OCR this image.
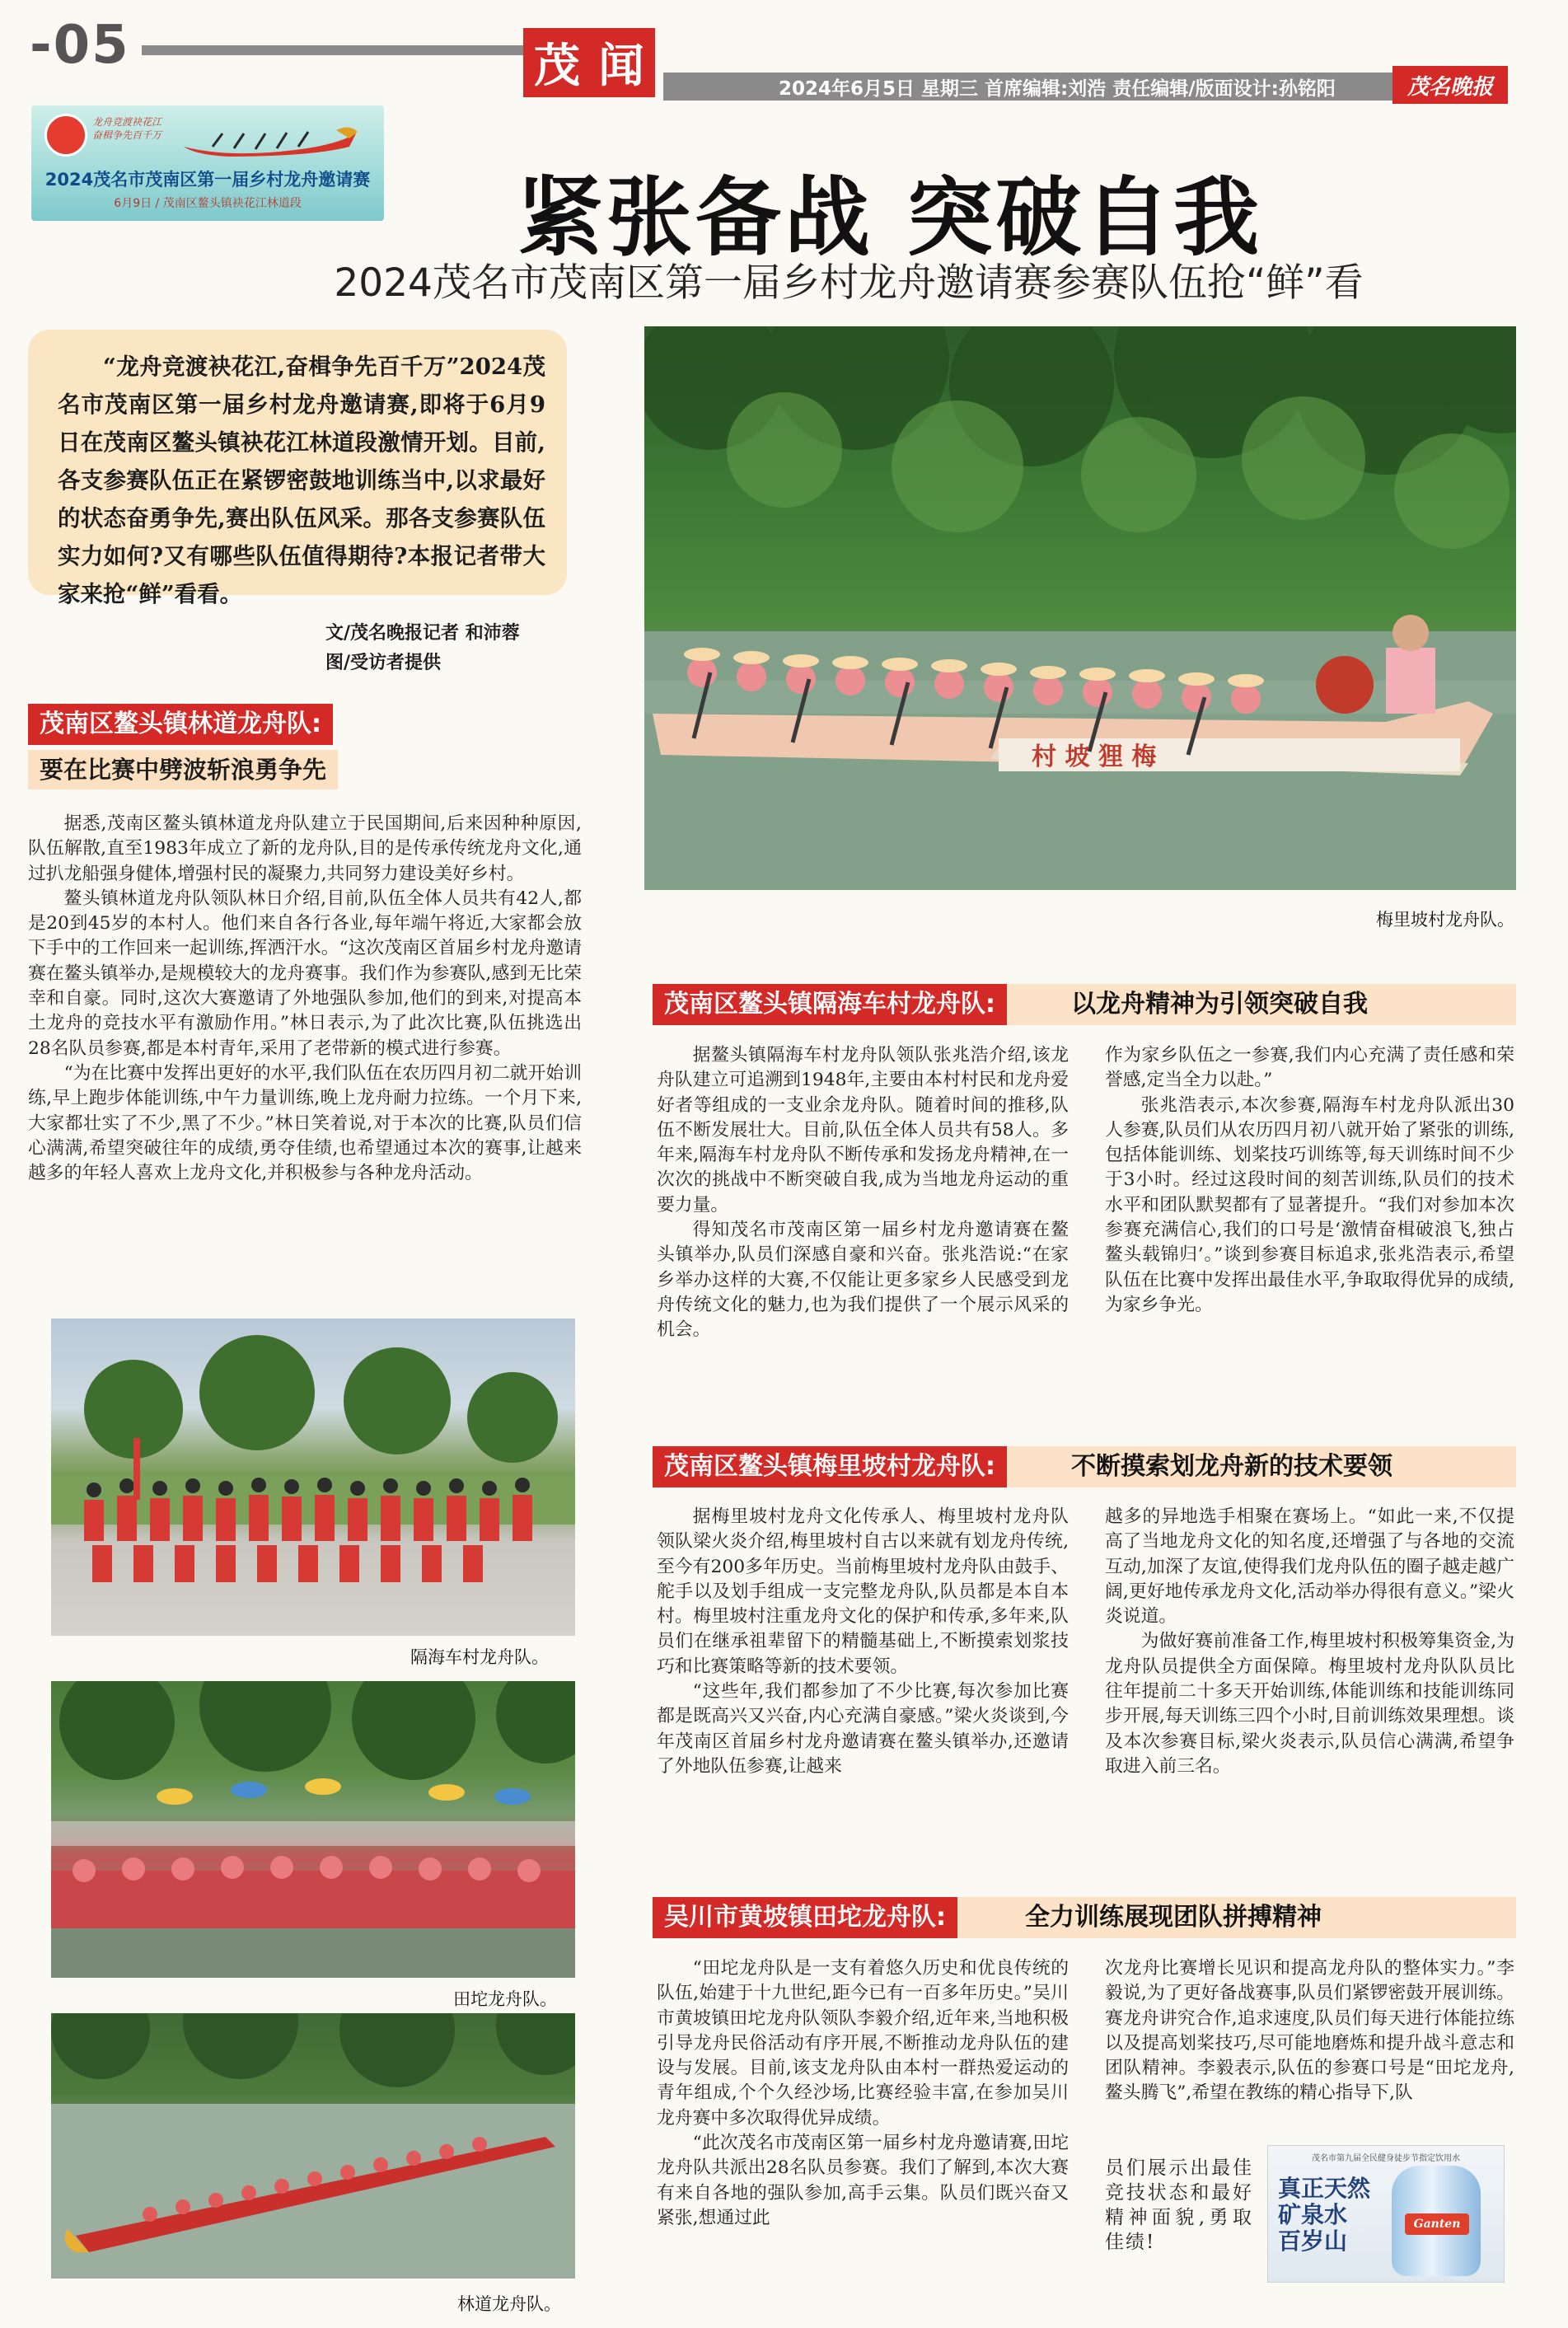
-05	茂 闻	2024年6月5日 星期三 首席编辑:刘浩 责任编辑/版面设计:孙铭阳	茂名晚报
龙舟竞渡袂花江
奋楫争先百千万
2024茂名市茂南区第一届乡村龙舟邀请赛
6月9日 / 茂南区鳌头镇袂花江林道段	紧张备战 突破自我
2024茂名市茂南区第一届乡村龙舟邀请赛参赛队伍抢“鲜”看

“龙舟竞渡袂花江,奋楫争先百千万”2024茂名市茂南区第一届乡村龙舟邀请赛,即将于6月9日在茂南区鳌头镇袂花江林道段激情开划。目前,各支参赛队伍正在紧锣密鼓地训练当中,以求最好的状态奋勇争先,赛出队伍风采。那各支参赛队伍实力如何?又有哪些队伍值得期待?本报记者带大家来抢“鲜”看看。

文/茂名晚报记者 和沛蓉
图/受访者提供
村 坡 狸 梅
梅里坡村龙舟队。
茂南区鳌头镇林道龙舟队:
要在比赛中劈波斩浪勇争先

据悉,茂南区鳌头镇林道龙舟队建立于民国期间,后来因种种原因,队伍解散,直至1983年成立了新的龙舟队,目的是传承传统龙舟文化,通过扒龙船强身健体,增强村民的凝聚力,共同努力建设美好乡村。

鳌头镇林道龙舟队领队林日介绍,目前,队伍全体人员共有42人,都是20到45岁的本村人。他们来自各行各业,每年端午将近,大家都会放下手中的工作回来一起训练,挥洒汗水。“这次茂南区首届乡村龙舟邀请赛在鳌头镇举办,是规模较大的龙舟赛事。我们作为参赛队,感到无比荣幸和自豪。同时,这次大赛邀请了外地强队参加,他们的到来,对提高本土龙舟的竞技水平有激励作用。”林日表示,为了此次比赛,队伍挑选出28名队员参赛,都是本村青年,采用了老带新的模式进行参赛。

“为在比赛中发挥出更好的水平,我们队伍在农历四月初二就开始训练,早上跑步体能训练,中午力量训练,晚上龙舟耐力拉练。一个月下来,大家都壮实了不少,黑了不少。”林日笑着说,对于本次的比赛,队员们信心满满,希望突破往年的成绩,勇夺佳绩,也希望通过本次的赛事,让越来越多的年轻人喜欢上龙舟文化,并积极参与各种龙舟活动。

茂南区鳌头镇隔海车村龙舟队:	以龙舟精神为引领突破自我

据鳌头镇隔海车村龙舟队领队张兆浩介绍,该龙舟队建立可追溯到1948年,主要由本村村民和龙舟爱好者等组成的一支业余龙舟队。随着时间的推移,队伍不断发展壮大。目前,队伍全体人员共有58人。多年来,隔海车村龙舟队不断传承和发扬龙舟精神,在一次次的挑战中不断突破自我,成为当地龙舟运动的重要力量。

得知茂名市茂南区第一届乡村龙舟邀请赛在鳌头镇举办,队员们深感自豪和兴奋。张兆浩说:“在家乡举办这样的大赛,不仅能让更多家乡人民感受到龙舟传统文化的魅力,也为我们提供了一个展示风采的机会。

作为家乡队伍之一参赛,我们内心充满了责任感和荣誉感,定当全力以赴。”

张兆浩表示,本次参赛,隔海车村龙舟队派出30人参赛,队员们从农历四月初八就开始了紧张的训练,包括体能训练、划桨技巧训练等,每天训练时间不少于3小时。经过这段时间的刻苦训练,队员们的技术水平和团队默契都有了显著提升。“我们对参加本次参赛充满信心,我们的口号是‘激情奋楫破浪飞,独占鳌头载锦归’。”谈到参赛目标追求,张兆浩表示,希望队伍在比赛中发挥出最佳水平,争取取得优异的成绩,为家乡争光。

茂南区鳌头镇梅里坡村龙舟队:	不断摸索划龙舟新的技术要领

据梅里坡村龙舟文化传承人、梅里坡村龙舟队领队梁火炎介绍,梅里坡村自古以来就有划龙舟传统,至今有200多年历史。当前梅里坡村龙舟队由鼓手、舵手以及划手组成一支完整龙舟队,队员都是本自本村。梅里坡村注重龙舟文化的保护和传承,多年来,队员们在继承祖辈留下的精髓基础上,不断摸索划浆技巧和比赛策略等新的技术要领。

“这些年,我们都参加了不少比赛,每次参加比赛都是既高兴又兴奋,内心充满自豪感。”梁火炎谈到,今年茂南区首届乡村龙舟邀请赛在鳌头镇举办,还邀请了外地队伍参赛,让越来

越多的异地选手相聚在赛场上。“如此一来,不仅提高了当地龙舟文化的知名度,还增强了与各地的交流互动,加深了友谊,使得我们龙舟队伍的圈子越走越广阔,更好地传承龙舟文化,活动举办得很有意义。”梁火炎说道。

为做好赛前准备工作,梅里坡村积极筹集资金,为龙舟队员提供全方面保障。梅里坡村龙舟队队员比往年提前二十多天开始训练,体能训练和技能训练同步开展,每天训练三四个小时,目前训练效果理想。谈及本次参赛目标,梁火炎表示,队员信心满满,希望争取进入前三名。

吴川市黄坡镇田坨龙舟队:	全力训练展现团队拼搏精神

“田坨龙舟队是一支有着悠久历史和优良传统的队伍,始建于十九世纪,距今已有一百多年历史。”吴川市黄坡镇田坨龙舟队领队李毅介绍,近年来,当地积极引导龙舟民俗活动有序开展,不断推动龙舟队伍的建设与发展。目前,该支龙舟队由本村一群热爱运动的青年组成,个个久经沙场,比赛经验丰富,在参加吴川龙舟赛中多次取得优异成绩。

“此次茂名市茂南区第一届乡村龙舟邀请赛,田坨龙舟队共派出28名队员参赛。我们了解到,本次大赛有来自各地的强队参加,高手云集。队员们既兴奋又紧张,想通过此

次龙舟比赛增长见识和提高龙舟队的整体实力。”李毅说,为了更好备战赛事,队员们紧锣密鼓开展训练。赛龙舟讲究合作,追求速度,队员们每天进行体能拉练以及提高划桨技巧,尽可能地磨炼和提升战斗意志和团队精神。李毅表示,队伍的参赛口号是“田坨龙舟,鳌头腾飞”,希望在教练的精心指导下,队

员们展示出最佳竞技状态和最好精神面貌,勇取佳绩!

茂名市第九届全民健身徒步节指定饮用水
真正天然
矿泉水
百岁山
Ganten
隔海车村龙舟队。
田坨龙舟队。
林道龙舟队。
